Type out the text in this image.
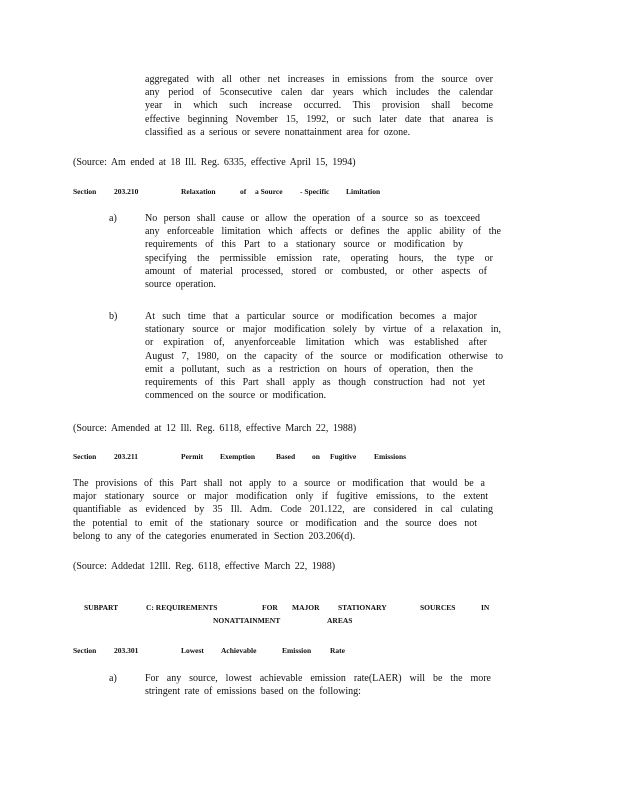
aggregated with all other net increases in emissions from the source over
any period of 5consecutive calen dar years which includes the calendar
year in which such increase occurred. This provision shall become
effective beginning November 15, 1992, or such later date that anarea is
classified as a serious or severe nonattainment area for ozone.
(Source: Am ended at 18 Ill. Reg. 6335, effective April 15, 1994)
Section 203.210	Relaxation	of a Source - Specific Limitation
a)	No person shall cause or allow the operation of a source so as toexceed
any enforceable limitation which affects or defines the applic ability of the
requirements of this Part to a stationary source or modification by
specifying the permissible emission rate, operating hours, the type or
amount of material processed, stored or combusted, or other aspects of
source operation.
b)	At such time that a particular source or modification becomes a major
stationary source or major modification solely by virtue of a relaxation in,
or expiration of, anyenforceable limitation which was established after
August 7, 1980, on the capacity of the source or modification otherwise to
emit a pollutant, such as a restriction on hours of operation, then the
requirements of this Part shall apply as though construction had not yet
commenced on the source or modification.
(Source: Amended at 12 Ill. Reg. 6118, effective March 22, 1988)
Section 203.211	Permit Exemption	Based on Fugitive Emissions
The provisions of this Part shall not apply to a source or modification that would be a
major stationary source or major modification only if fugitive emissions, to the extent
quantifiable as evidenced by 35 Ill. Adm. Code 201.122, are considered in cal culating
the potential to emit of the stationary source or modification and the source does not
belong to any of the categories enumerated in Section 203.206(d).
(Source: Addedat 12Ill. Reg. 6118, effective March 22, 1988)
SUBPART	C: REQUIREMENTS	FOR MAJOR STATIONARY	SOURCES	IN
NONATTAINMENT	AREAS
Section 203.301	Lowest Achievable	Emission	Rate
a)	For any source, lowest achievable emission rate(LAER) will be the more
stringent rate of emissions based on the following:
